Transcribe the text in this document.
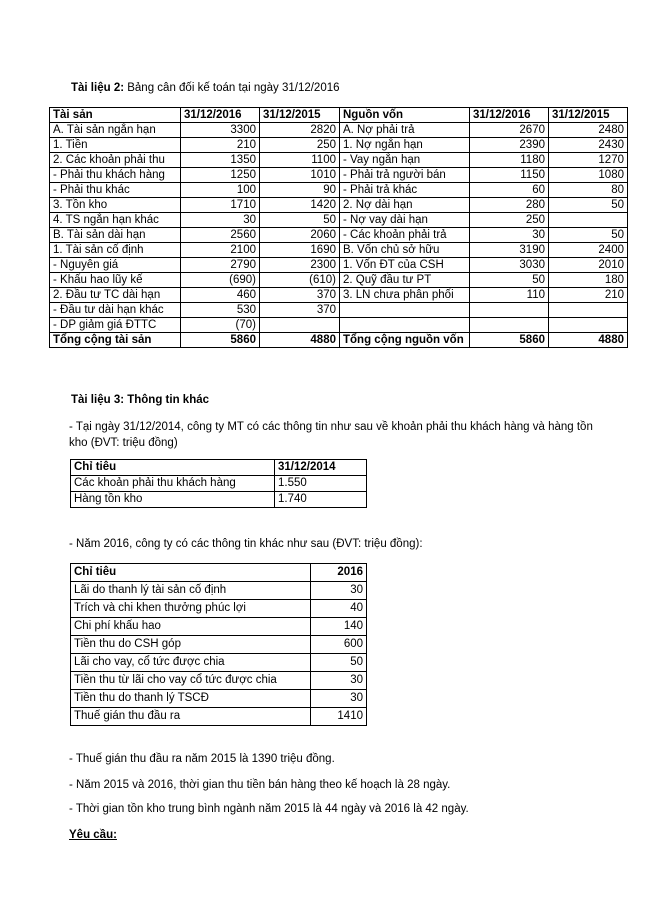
Tài liệu 2: Bảng cân đối kế toán tại ngày 31/12/2016
Tài sản	31/12/2016	31/12/2015	Nguồn vốn	31/12/2016	31/12/2015
A. Tài sản ngắn hạn	3300	2820	A. Nợ phải trả	2670	2480
1. Tiền	210	250	1. Nợ ngắn hạn	2390	2430
2. Các khoản phải thu	1350	1100	- Vay ngắn hạn	1180	1270
- Phải thu khách hàng	1250	1010	- Phải trả người bán	1150	1080
- Phải thu khác	100	90	- Phải trả khác	60	80
3. Tồn kho	1710	1420	2. Nợ dài hạn	280	50
4. TS ngắn hạn khác	30	50	- Nợ vay dài hạn	250	
B. Tài sản dài hạn	2560	2060	- Các khoản phải trả	30	50
1. Tài sản cố định	2100	1690	B. Vốn chủ sở hữu	3190	2400
- Nguyên giá	2790	2300	1. Vốn ĐT của CSH	3030	2010
- Khấu hao lũy kế	(690)	(610)	2. Quỹ đầu tư PT	50	180
2. Đầu tư TC dài hạn	460	370	3. LN chưa phân phối	110	210
- Đầu tư dài hạn khác	530	370			
- DP giảm giá ĐTTC	(70)				
Tổng cộng tài sản	5860	4880	Tổng cộng nguồn vốn	5860	4880
Tài liệu 3: Thông tin khác
- Tại ngày 31/12/2014, công ty MT có các thông tin như sau về khoản phải thu khách hàng và hàng tồn
kho (ĐVT: triệu đồng)
Chỉ tiêu	31/12/2014
Các khoản phải thu khách hàng	1.550
Hàng tồn kho	1.740
- Năm 2016, công ty có các thông tin khác như sau (ĐVT: triệu đồng):
Chỉ tiêu	2016
Lãi do thanh lý tài sản cố định	30
Trích và chi khen thưởng phúc lợi	40
Chi phí khấu hao	140
Tiền thu do CSH góp	600
Lãi cho vay, cổ tức được chia	50
Tiền thu từ lãi cho vay cổ tức được chia	30
Tiền thu do thanh lý TSCĐ	30
Thuế gián thu đầu ra	1410
- Thuế gián thu đầu ra năm 2015 là 1390 triệu đồng.
- Năm 2015 và 2016, thời gian thu tiền bán hàng theo kế hoạch là 28 ngày.
- Thời gian tồn kho trung bình ngành năm 2015 là 44 ngày và 2016 là 42 ngày.
Yêu cầu:
